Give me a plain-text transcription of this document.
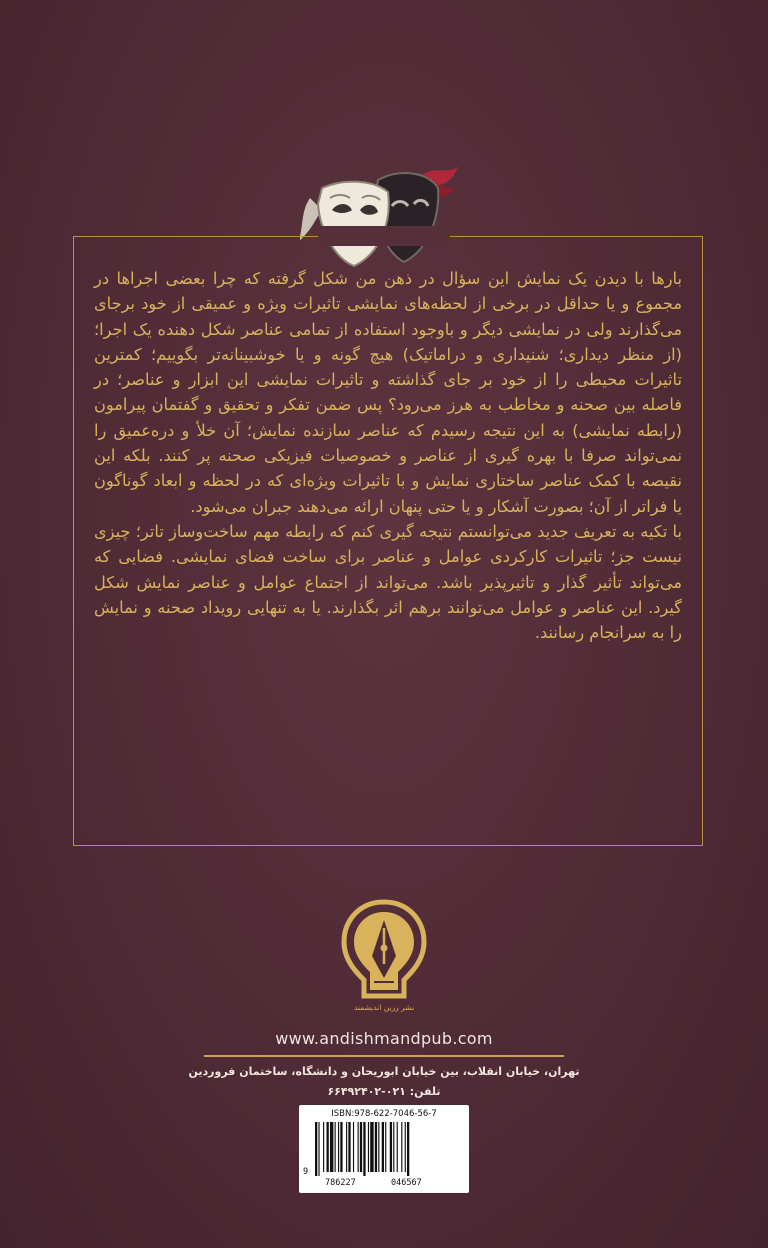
بارها با دیدن یک نمایش این سؤال در ذهن من شکل گرفته که چرا بعضی اجراها در مجموع و یا حداقل در برخی از لحظه‌های نمایشی تاثیرات ویژه و عمیقی از خود برجای می‌گذارند ولی در نمایشی دیگر و باوجود استفاده از تمامی عناصر شکل دهنده یک اجرا؛ (از منظر دیداری؛ شنیداری و دراماتیک) هیچ گونه و یا خوشبینانه‌تر بگوییم؛ کمترین تاثیرات محیطی را از خود بر جای گذاشته و تاثیرات نمایشی این ابزار و عناصر؛ در فاصله بین صحنه و مخاطب به هرز می‌رود؟ پس ضمن تفکر و تحقیق و گفتمان پیرامون (رابطه نمایشی) به این نتیجه رسیدم که عناصر سازنده نمایش؛ آن خلأ و درەعمیق را نمی‌تواند صرفا با بهره گیری از عناصر و خصوصیات فیزیکی صحنه پر کنند. بلکه این نقیصه با کمک عناصر ساختاری نمایش و با تاثیرات ویژه‌ای که در لحظه و ابعاد گوناگون یا فراتر از آن؛ بصورت آشکار و یا حتی پنهان ارائه می‌دهند جبران می‌شود.

با تکیه به تعریف جدید می‌توانستم نتیجه گیری کنم که رابطه مهم ساخت‌وساز تاتر؛ چیزی نیست جز؛ تاثیرات کارکردی عوامل و عناصر برای ساخت فضای نمایشی. فضایی که می‌تواند تأثیر گذار و تاثیرپذیر باشد. می‌تواند از اجتماع عوامل و عناصر نمایش شکل گیرد. این عناصر و عوامل می‌توانند برهم اثر بگذارند. یا به تنهایی رویداد صحنه و نمایش را به سرانجام رسانند.

نشر زرین اندیشمند
www.andishmandpub.com
تهران، خیابان انقلاب، بین خیابان ابوریحان و دانشگاه، ساختمان فروردین
تلفن: ۰۲۱-۶۶۴۹۲۴۰۲
ISBN:978-622-7046-56-7
9
786227	046567
